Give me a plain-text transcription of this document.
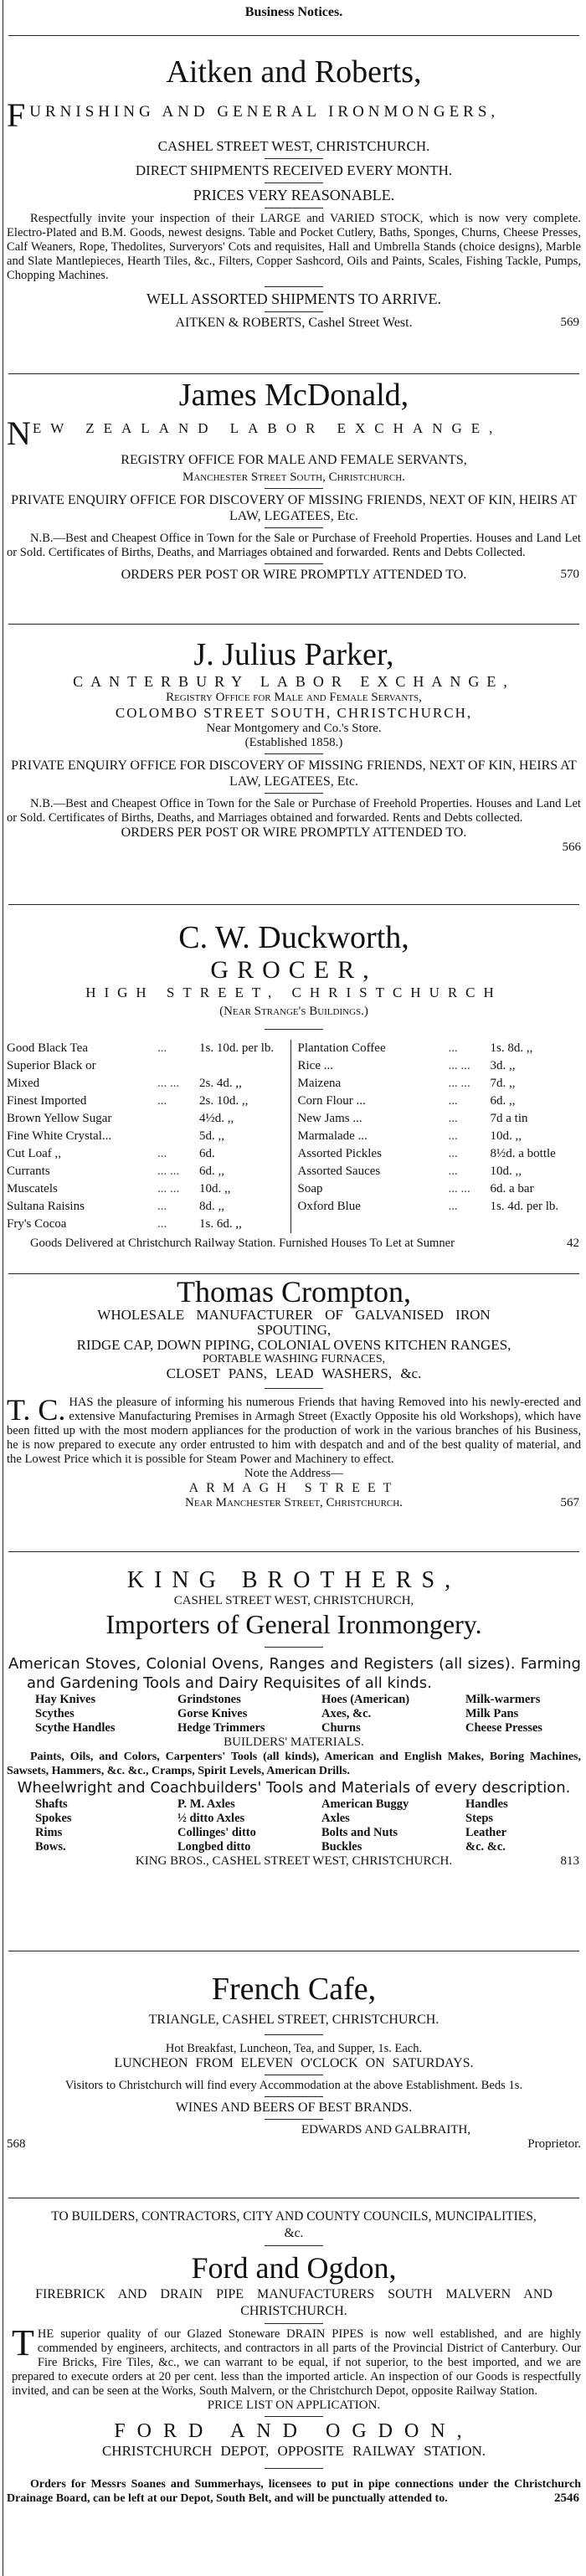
Business Notices.
Aitken and Roberts,
FURNISHING AND GENERAL IRONMONGERS,
CASHEL STREET WEST, CHRISTCHURCH.
DIRECT SHIPMENTS RECEIVED EVERY MONTH.
PRICES VERY REASONABLE.
Respectfully invite your inspection of their LARGE and VARIED STOCK, which is now very complete. Electro-Plated and B.M. Goods, newest designs. Table and Pocket Cutlery, Baths, Sponges, Churns, Cheese Presses, Calf Weaners, Rope, Thedolites, Surveryors' Cots and requisites, Hall and Umbrella Stands (choice designs), Marble and Slate Mantlepieces, Hearth Tiles, &c., Filters, Copper Sashcord, Oils and Paints, Scales, Fishing Tackle, Pumps, Chopping Machines.
WELL ASSORTED SHIPMENTS TO ARRIVE.
AITKEN & ROBERTS, Cashel Street West.	569
James McDonald,
NEW ZEALAND LABOR EXCHANGE,
REGISTRY OFFICE FOR MALE AND FEMALE SERVANTS,
Manchester Street South, Christchurch.
PRIVATE ENQUIRY OFFICE FOR DISCOVERY OF MISSING FRIENDS, NEXT OF KIN, HEIRS AT LAW, LEGATEES, Etc.
N.B.—Best and Cheapest Office in Town for the Sale or Purchase of Freehold Properties. Houses and Land Let or Sold. Certificates of Births, Deaths, and Marriages obtained and forwarded. Rents and Debts Collected.
ORDERS PER POST OR WIRE PROMPTLY ATTENDED TO.	570
J. Julius Parker,
CANTERBURY LABOR EXCHANGE,
Registry Office for Male and Female Servants,
COLOMBO STREET SOUTH, CHRISTCHURCH,
Near Montgomery and Co.'s Store.
(Established 1858.)
PRIVATE ENQUIRY OFFICE FOR DISCOVERY OF MISSING FRIENDS, NEXT OF KIN, HEIRS AT LAW, LEGATEES, Etc.
N.B.—Best and Cheapest Office in Town for the Sale or Purchase of Freehold Properties. Houses and Land Let or Sold. Certificates of Births, Deaths, and Marriages obtained and forwarded. Rents and Debts collected.
ORDERS PER POST OR WIRE PROMPTLY ATTENDED TO.
566
C. W. Duckworth,
GROCER,
HIGH STREET, CHRISTCHURCH
(Near Strange's Buildings.)
Good Black Tea	...	1s. 10d. per lb.
Superior Black or
Mixed	... ...	2s. 4d. ,,
Finest Imported	...	2s. 10d. ,,
Brown Yellow Sugar	4½d. ,,
Fine White Crystal...	5d. ,,
Cut Loaf ,,	...	6d.
Currants	... ...	6d. ,,
Muscatels	... ...	10d. ,,
Sultana Raisins	...	8d. ,,
Fry's Cocoa	...	1s. 6d. ,,
Plantation Coffee	...	1s. 8d. ,,
Rice ...	... ...	3d. ,,
Maizena	... ...	7d. ,,
Corn Flour ...	...	6d. ,,
New Jams ...	...	7d a tin
Marmalade ...	...	10d. ,,
Assorted Pickles	...	8½d. a bottle
Assorted Sauces	...	10d. ,,
Soap	... ...	6d. a bar
Oxford Blue	...	1s. 4d. per lb.
Goods Delivered at Christchurch Railway Station. Furnished Houses To Let at Sumner	42
Thomas Crompton,
WHOLESALE MANUFACTURER OF GALVANISED IRON
SPOUTING,
RIDGE CAP, DOWN PIPING, COLONIAL OVENS KITCHEN RANGES,
PORTABLE WASHING FURNACES,
CLOSET PANS, LEAD WASHERS, &c.
T. C. HAS the pleasure of informing his numerous Friends that having Removed into his newly-erected and extensive Manufacturing Premises in Armagh Street (Exactly Opposite his old Workshops), which have been fitted up with the most modern appliances for the production of work in the various branches of his Business, he is now prepared to execute any order entrusted to him with despatch and and of the best quality of material, and the Lowest Price which it is possible for Steam Power and Machinery to effect.
Note the Address—
ARMAGH STREET
Near Manchester Street, Christchurch.	567
KING BROTHERS,
CASHEL STREET WEST, CHRISTCHURCH,
Importers of General Ironmongery.
American Stoves, Colonial Ovens, Ranges and Registers (all sizes). Farming and Gardening Tools and Dairy Requisites of all kinds.
Hay Knives	Grindstones	Hoes (American)	Milk-warmers
Scythes	Gorse Knives	Axes, &c.	Milk Pans
Scythe Handles	Hedge Trimmers	Churns	Cheese Presses
BUILDERS' MATERIALS.
Paints, Oils, and Colors, Carpenters' Tools (all kinds), American and English Makes, Boring Machines, Sawsets, Hammers, &c. &c., Cramps, Spirit Levels, American Drills.
Wheelwright and Coachbuilders' Tools and Materials of every description.
Shafts	P. M. Axles	American Buggy	Handles
Spokes	½ ditto Axles	Axles	Steps
Rims	Collinges' ditto	Bolts and Nuts	Leather
Bows.	Longbed ditto	Buckles	&c. &c.
KING BROS., CASHEL STREET WEST, CHRISTCHURCH.	813
French Cafe,
TRIANGLE, CASHEL STREET, CHRISTCHURCH.
Hot Breakfast, Luncheon, Tea, and Supper, 1s. Each.
LUNCHEON FROM ELEVEN O'CLOCK ON SATURDAYS.
Visitors to Christchurch will find every Accommodation at the above Establishment. Beds 1s.
WINES AND BEERS OF BEST BRANDS.
EDWARDS AND GALBRAITH,
568	Proprietor.
TO BUILDERS, CONTRACTORS, CITY AND COUNTY COUNCILS, MUNCIPALITIES, &c.
Ford and Ogdon,
FIREBRICK AND DRAIN PIPE MANUFACTURERS SOUTH MALVERN AND CHRISTCHURCH.
THE superior quality of our Glazed Stoneware DRAIN PIPES is now well established, and are highly commended by engineers, architects, and contractors in all parts of the Provincial District of Canterbury. Our Fire Bricks, Fire Tiles, &c., we can warrant to be equal, if not superior, to the best imported, and we are prepared to execute orders at 20 per cent. less than the imported article. An inspection of our Goods is respectfully invited, and can be seen at the Works, South Malvern, or the Christchurch Depot, opposite Railway Station.
PRICE LIST ON APPLICATION.
FORD AND OGDON,
CHRISTCHURCH DEPOT, OPPOSITE RAILWAY STATION.
Orders for Messrs Soanes and Summerhays, licensees to put in pipe connections under the Christchurch Drainage Board, can be left at our Depot, South Belt, and will be punctually attended to.	2546
